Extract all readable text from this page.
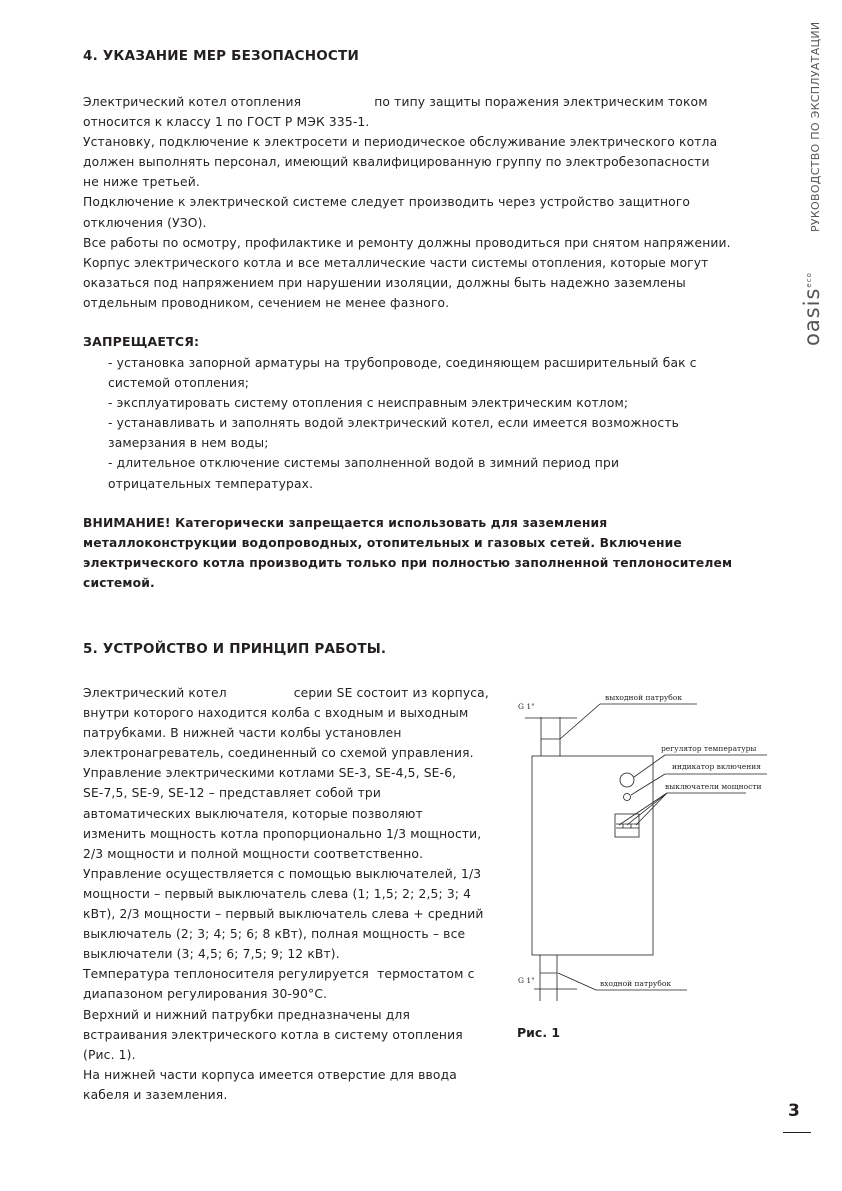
РУКОВОДСТВО ПО ЭКСПЛУАТАЦИИ
oasis$^{eco}$
4. УКАЗАНИЕ МЕР БЕЗОПАСНОСТИ
Электрический котел отопления	по типу защиты поражения электрическим током
относится к классу 1 по ГОСТ Р МЭК 335-1.
Установку, подключение к электросети и периодическое обслуживание электрического котла
должен выполнять персонал, имеющий квалифицированную группу по электробезопасности
не ниже третьей.
Подключение к электрической системе следует производить через устройство защитного
отключения (УЗО).
Все работы по осмотру, профилактике и ремонту должны проводиться при снятом напряжении.
Корпус электрического котла и все металлические части системы отопления, которые могут
оказаться под напряжением при нарушении изоляции, должны быть надежно заземлены
отдельным проводником, сечением не менее фазного.
ЗАПРЕЩАЕТСЯ:
- установка запорной арматуры на трубопроводе, соединяющем расширительный бак с
системой отопления;
- эксплуатировать систему отопления с неисправным электрическим котлом;
- устанавливать и заполнять водой электрический котел, если имеется возможность
замерзания в нем воды;
- длительное отключение системы заполненной водой в зимний период при
отрицательных температурах.
ВНИМАНИЕ! Категорически запрещается использовать для заземления
металлоконструкции водопроводных, отопительных и газовых сетей. Включение
электрического котла производить только при полностью заполненной теплоносителем
системой.
5. УСТРОЙСТВО И ПРИНЦИП РАБОТЫ.
Электрический котел	серии SE состоит из корпуса,
внутри которого находится колба с входным и выходным
патрубками. В нижней части колбы установлен
электронагреватель, соединенный со схемой управления.
Управление электрическими котлами SE-3, SE-4,5, SE-6,
SE-7,5, SE-9, SE-12 – представляет собой три
автоматических выключателя, которые позволяют
изменить мощность котла пропорционально 1/3 мощности,
2/3 мощности и полной мощности соответственно.
Управление осуществляется с помощью выключателей, 1/3
мощности – первый выключатель слева (1; 1,5; 2; 2,5; 3; 4
кВт), 2/3 мощности – первый выключатель слева + средний
выключатель (2; 3; 4; 5; 6; 8 кВт), полная мощность – все
выключатели (3; 4,5; 6; 7,5; 9; 12 кВт).
Температура теплоносителя регулируется  термостатом с
диапазоном регулирования 30-90°С.
Верхний и нижний патрубки предназначены для
встраивания электрического котла в систему отопления
(Рис. 1).
На нижней части корпуса имеется отверстие для ввода
кабеля и заземления.
выходной патрубок
G 1"
регулятор температуры
индикатор включения
выключатели мощности
G 1"	входной патрубок
Рис. 1
3
